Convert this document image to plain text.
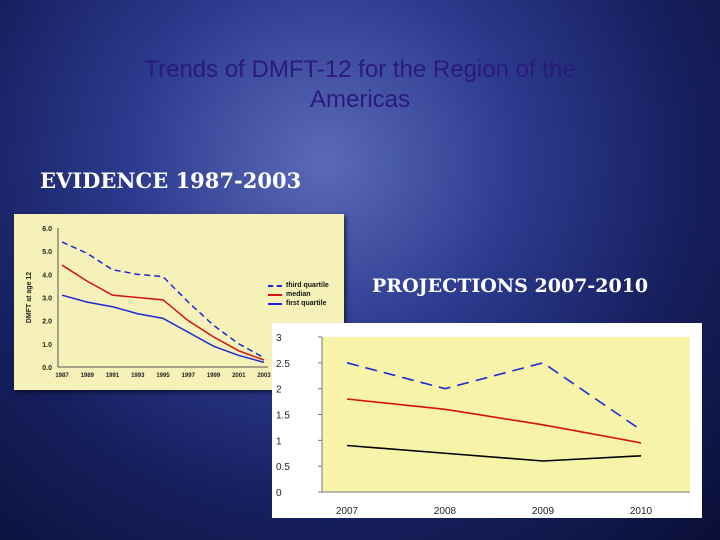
Trends of DMFT-12 for the Region of the
Americas
EVIDENCE 1987-2003
0.0
1.0
2.0
3.0
4.0
5.0
6.0
1987 1989 1991 1993 1995 1997 1999 2001 2003
DMFT at age 12	third quartile
median
first quartile
PROJECTIONS 2007-2010
0
0.5
1
1.5
2
2.5
3
2007	2008	2009	2010
